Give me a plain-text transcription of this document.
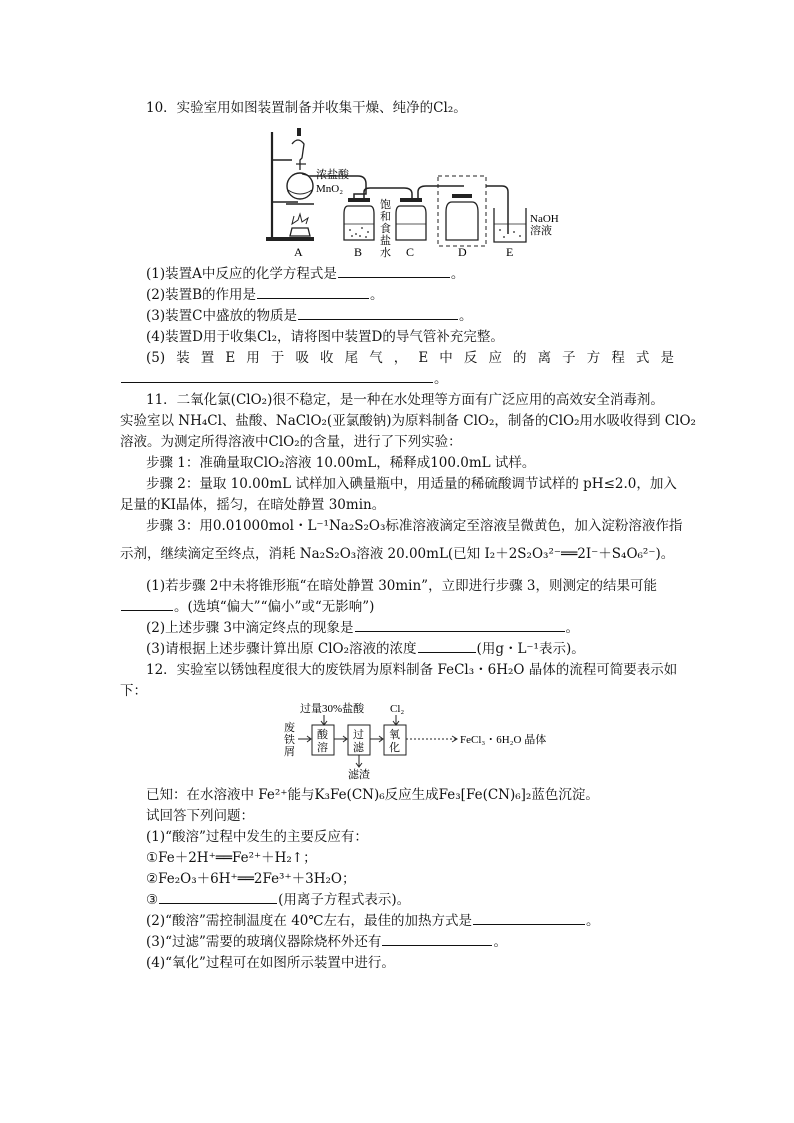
10．实验室用如图装置制备并收集干燥、纯净的Cl₂。
浓盐酸
MnO₂
饱
和
食
盐
水
NaOH
溶液
A	B	C	D	E
(1)装置A中反应的化学方程式是	。
(2)装置B的作用是	。
(3)装置C中盛放的物质是	。
(4)装置D用于收集Cl₂，请将图中装置D的导气管补充完整。
(5) 装 置 E 用 于 吸 收 尾 气 ， E 中 反 应 的 离 子 方 程 式 是
。
11．二氧化氯(ClO₂)很不稳定，是一种在水处理等方面有广泛应用的高效安全消毒剂。
实验室以 NH₄Cl、盐酸、NaClO₂(亚氯酸钠)为原料制备 ClO₂，制备的ClO₂用水吸收得到 ClO₂
溶液。为测定所得溶液中ClO₂的含量，进行了下列实验：
步骤 1：准确量取ClO₂溶液 10.00mL，稀释成100.0mL 试样。
步骤 2：量取 10.00mL 试样加入碘量瓶中，用适量的稀硫酸调节试样的 pH≤2.0，加入
足量的KI晶体，摇匀，在暗处静置 30min。
步骤 3：用0.01000mol・L⁻¹Na₂S₂O₃标准溶液滴定至溶液呈微黄色，加入淀粉溶液作指
示剂，继续滴定至终点，消耗 Na₂S₂O₃溶液 20.00mL(已知 I₂＋2S₂O₃²⁻══2I⁻＋S₄O₆²⁻)。
(1)若步骤 2中未将锥形瓶“在暗处静置 30min”，立即进行步骤 3，则测定的结果可能
。(选填“偏大”“偏小”或“无影响”)
(2)上述步骤 3中滴定终点的现象是	。
(3)请根据上述步骤计算出原 ClO₂溶液的浓度	(用g・L⁻¹表示)。
12．实验室以锈蚀程度很大的废铁屑为原料制备 FeCl₃・6H₂O 晶体的流程可简要表示如
下：
过量30%盐酸 Cl₂
废
铁
屑
酸
溶
过
滤
滤渣
氧
化
FeCl₃・6H₂O 晶体
已知：在水溶液中 Fe²⁺能与K₃Fe(CN)₆反应生成Fe₃[Fe(CN)₆]₂蓝色沉淀。
试回答下列问题：
(1)“酸溶”过程中发生的主要反应有：
①Fe＋2H⁺══Fe²⁺＋H₂↑；
②Fe₂O₃＋6H⁺══2Fe³⁺＋3H₂O；
③	(用离子方程式表示)。
(2)“酸溶”需控制温度在 40℃左右，最佳的加热方式是	。
(3)“过滤”需要的玻璃仪器除烧杯外还有	。
(4)“氧化”过程可在如图所示装置中进行。
